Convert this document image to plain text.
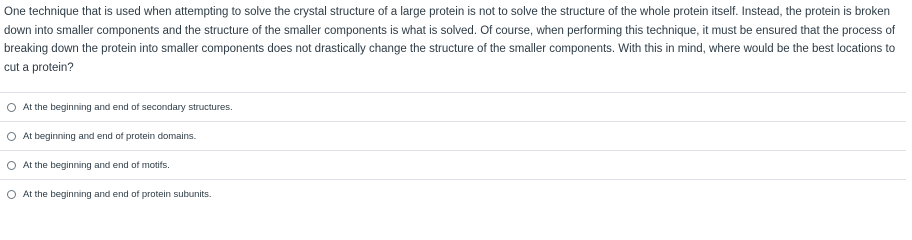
One technique that is used when attempting to solve the crystal structure of a large protein is not to solve the structure of the whole protein itself. Instead, the protein is broken down into smaller components and the structure of the smaller components is what is solved. Of course, when performing this technique, it must be ensured that the process of breaking down the protein into smaller components does not drastically change the structure of the smaller components. With this in mind, where would be the best locations to cut a protein?
At the beginning and end of secondary structures.
At beginning and end of protein domains.
At the beginning and end of motifs.
At the beginning and end of protein subunits.
